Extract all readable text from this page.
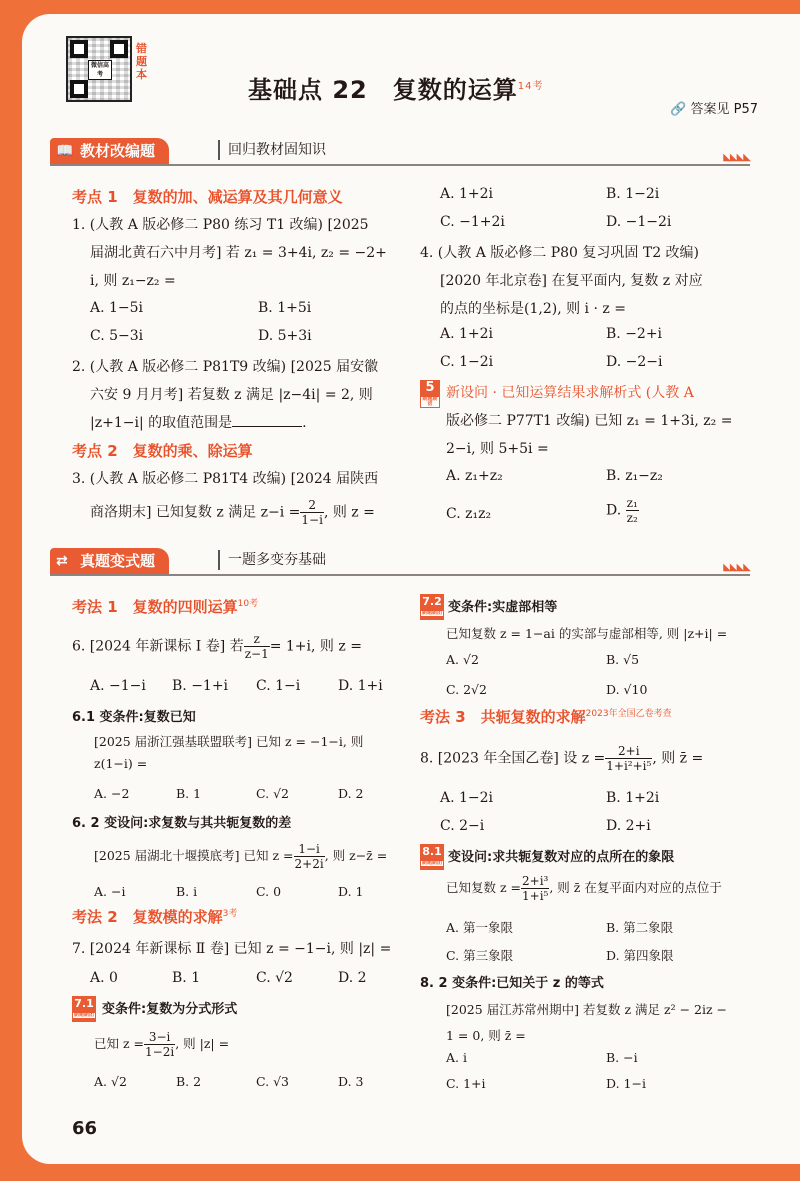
微信高考
错题本
基础点 22　复数的运算$^{14考}$
🔗 答案见 P57
📖 教材改编题	回归教材固知识	◣◣◣◣
考点 1　复数的加、减运算及其几何意义
1. (人教 A 版必修二 P80 练习 T1 改编) [2025
届湖北黄石六中月考] 若 z₁ = 3+4i, z₂ = −2+
i, 则 z₁−z₂ =
A. 1−5i	B. 1+5i
C. 5−3i	D. 5+3i
2. (人教 A 版必修二 P81T9 改编) [2025 届安徽
六安 9 月月考] 若复数 z 满足 |z−4i| = 2, 则
|z+1−i| 的取值范围是	.
考点 2　复数的乘、除运算
3. (人教 A 版必修二 P81T4 改编) [2024 届陕西
商洛期末] 已知复数 z 满足 $z-i = \frac{2}{1-i}$ , 则 z =
A. 1+2i	B. 1−2i
C. −1+2i	D. −1−2i
4. (人教 A 版必修二 P80 复习巩固 T2 改编)
[2020 年北京卷] 在复平面内, 复数 z 对应
的点的坐标是(1,2), 则 i · z =
A. 1+2i	B. −2+i
C. 1−2i	D. −2−i
5
刷题刷团
新设问 · 已知运算结果求解析式 (人教 A
版必修二 P77T1 改编) 已知 z₁ = 1+3i, z₂ =
2−i, 则 5+5i =
A. z₁+z₂	B. z₁−z₂
C. z₁z₂	D. $\frac{\text{z₁}}{\text{z₂}}$
⇄ 真题变式题	一题多变夯基础	◣◣◣◣
考法 1　复数的四则运算$^{10考}$
6. [2024 年新课标 Ⅰ 卷] 若 $\frac{z}{z-1} = 1+i$, 则 z =
A. −1−i B. −1+i C. 1−i	D. 1+i
6.1 变条件:复数已知
[2025 届浙江强基联盟联考] 已知 z = −1−i, 则
z(1−i) =
A. −2	B. 1	C. √2	D. 2
6. 2 变设问:求复数与其共轭复数的差
[2025 届湖北十堰摸底考] 已知 $z = \frac{1-i}{2+2i}$ , 则 z−z̄ =
A. −i	B. i	C. 0	D. 1
考法 2　复数模的求解$^{3考}$
7. [2024 年新课标 Ⅱ 卷] 已知 z = −1−i, 则 |z| =
A. 0	B. 1	C. √2	D. 2
7.1
刷题刷团 变条件:复数为分式形式
已知 $z = \frac{3-i}{1-2i}$ , 则 |z| =
A. √2	B. 2	C. √3	D. 3
7.2
刷题刷团 变条件:实虚部相等
已知复数 z = 1−ai 的实部与虚部相等, 则 |z+i| =
A. √2	B. √5
C. 2√2	D. √10
考法 3　共轭复数的求解$^{2023年全国乙卷考查}$
8. [2023 年全国乙卷] 设 $z = \frac{2+i}{\text{1+i²+i⁵}}$ , 则 z̄ =
A. 1−2i	B. 1+2i
C. 2−i	D. 2+i
8.1
刷题刷团 变设问:求共轭复数对应的点所在的象限
已知复数 $z = \frac{\text{2+i³}}{\text{1+i⁵}}$ , 则 z̄ 在复平面内对应的点位于
A. 第一象限	B. 第二象限
C. 第三象限	D. 第四象限
8. 2 变条件:已知关于 z 的等式
[2025 届江苏常州期中] 若复数 z 满足 z² − 2iz −
1 = 0, 则 z̄ =
A. i	B. −i
C. 1+i	D. 1−i
66
